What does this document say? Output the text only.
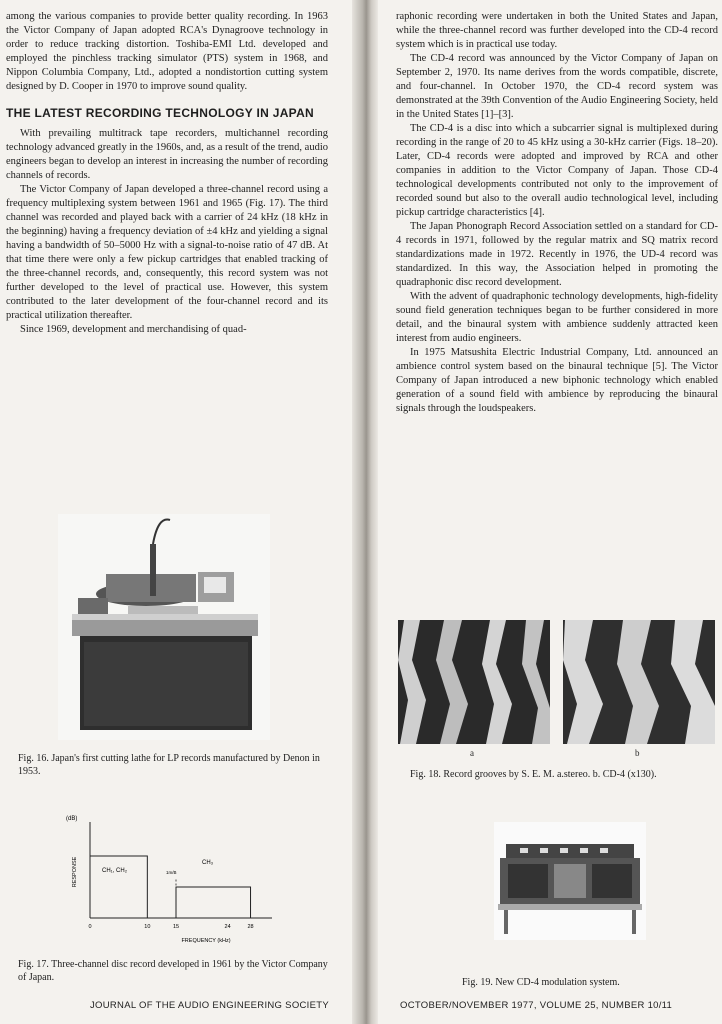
among the various companies to provide better quality recording. In 1963 the Victor Company of Japan adopted RCA's Dynagroove technology in order to reduce tracking distortion. Toshiba-EMI Ltd. developed and employed the pinchless tracking simulator (PTS) system in 1968, and Nippon Columbia Company, Ltd., adopted a nondistortion cutting system designed by D. Cooper in 1970 to improve sound quality.

THE LATEST RECORDING TECHNOLOGY IN JAPAN

With prevailing multitrack tape recorders, multichannel recording technology advanced greatly in the 1960s, and, as a result of the trend, audio engineers began to develop an interest in increasing the number of recording channels of records.

The Victor Company of Japan developed a three-channel record using a frequency multiplexing system between 1961 and 1965 (Fig. 17). The third channel was recorded and played back with a carrier of 24 kHz (18 kHz in the beginning) having a frequency deviation of ±4 kHz and yielding a signal having a bandwidth of 50–5000 Hz with a signal-to-noise ratio of 47 dB. At that time there were only a few pickup cartridges that enabled tracking of the three-channel records, and, consequently, this record system was not further developed to the level of practical use. However, this system contributed to the later development of the four-channel record and its practical utilization thereafter.

Since 1969, development and merchandising of quad-

Fig. 16. Japan's first cutting lathe for LP records manufactured by Denon in 1953.

(dB)
RESPONSE
0	10	15	24	28
CH₁, CH₂
CH₃
1m/B
FREQUENCY (kHz)

Fig. 17. Three-channel disc record developed in 1961 by the Victor Company of Japan.

raphonic recording were undertaken in both the United States and Japan, while the three-channel record was further developed into the CD-4 record system which is in practical use today.

The CD-4 record was announced by the Victor Company of Japan on September 2, 1970. Its name derives from the words compatible, discrete, and four-channel. In October 1970, the CD-4 record system was demonstrated at the 39th Convention of the Audio Engineering Society, held in the United States [1]–[3].

The CD-4 is a disc into which a subcarrier signal is multiplexed during recording in the range of 20 to 45 kHz using a 30-kHz carrier (Figs. 18–20). Later, CD-4 records were adopted and improved by RCA and other companies in addition to the Victor Company of Japan. Those CD-4 technological developments contributed not only to the improvement of recorded sound but also to the overall audio technological level, including pickup cartridge characteristics [4].

The Japan Phonograph Record Association settled on a standard for CD-4 records in 1971, followed by the regular matrix and SQ matrix record standardizations made in 1972. Recently in 1976, the UD-4 record was standardized. In this way, the Association helped in promoting the quadraphonic disc record development.

With the advent of quadraphonic technology developments, high-fidelity sound field generation techniques began to be further considered in more detail, and the binaural system with ambience suddenly attracted keen interest from audio engineers.

In 1975 Matsushita Electric Industrial Company, Ltd. announced an ambience control system based on the binaural technique [5]. The Victor Company of Japan introduced a new biphonic technology which enabled generation of a sound field with ambience by reproducing the binaural signals through the loudspeakers.

a	b

Fig. 18. Record grooves by S. E. M. a.stereo. b. CD-4 (x130).

Fig. 19. New CD-4 modulation system.

JOURNAL OF THE AUDIO ENGINEERING SOCIETY	OCTOBER/NOVEMBER 1977, VOLUME 25, NUMBER 10/11
